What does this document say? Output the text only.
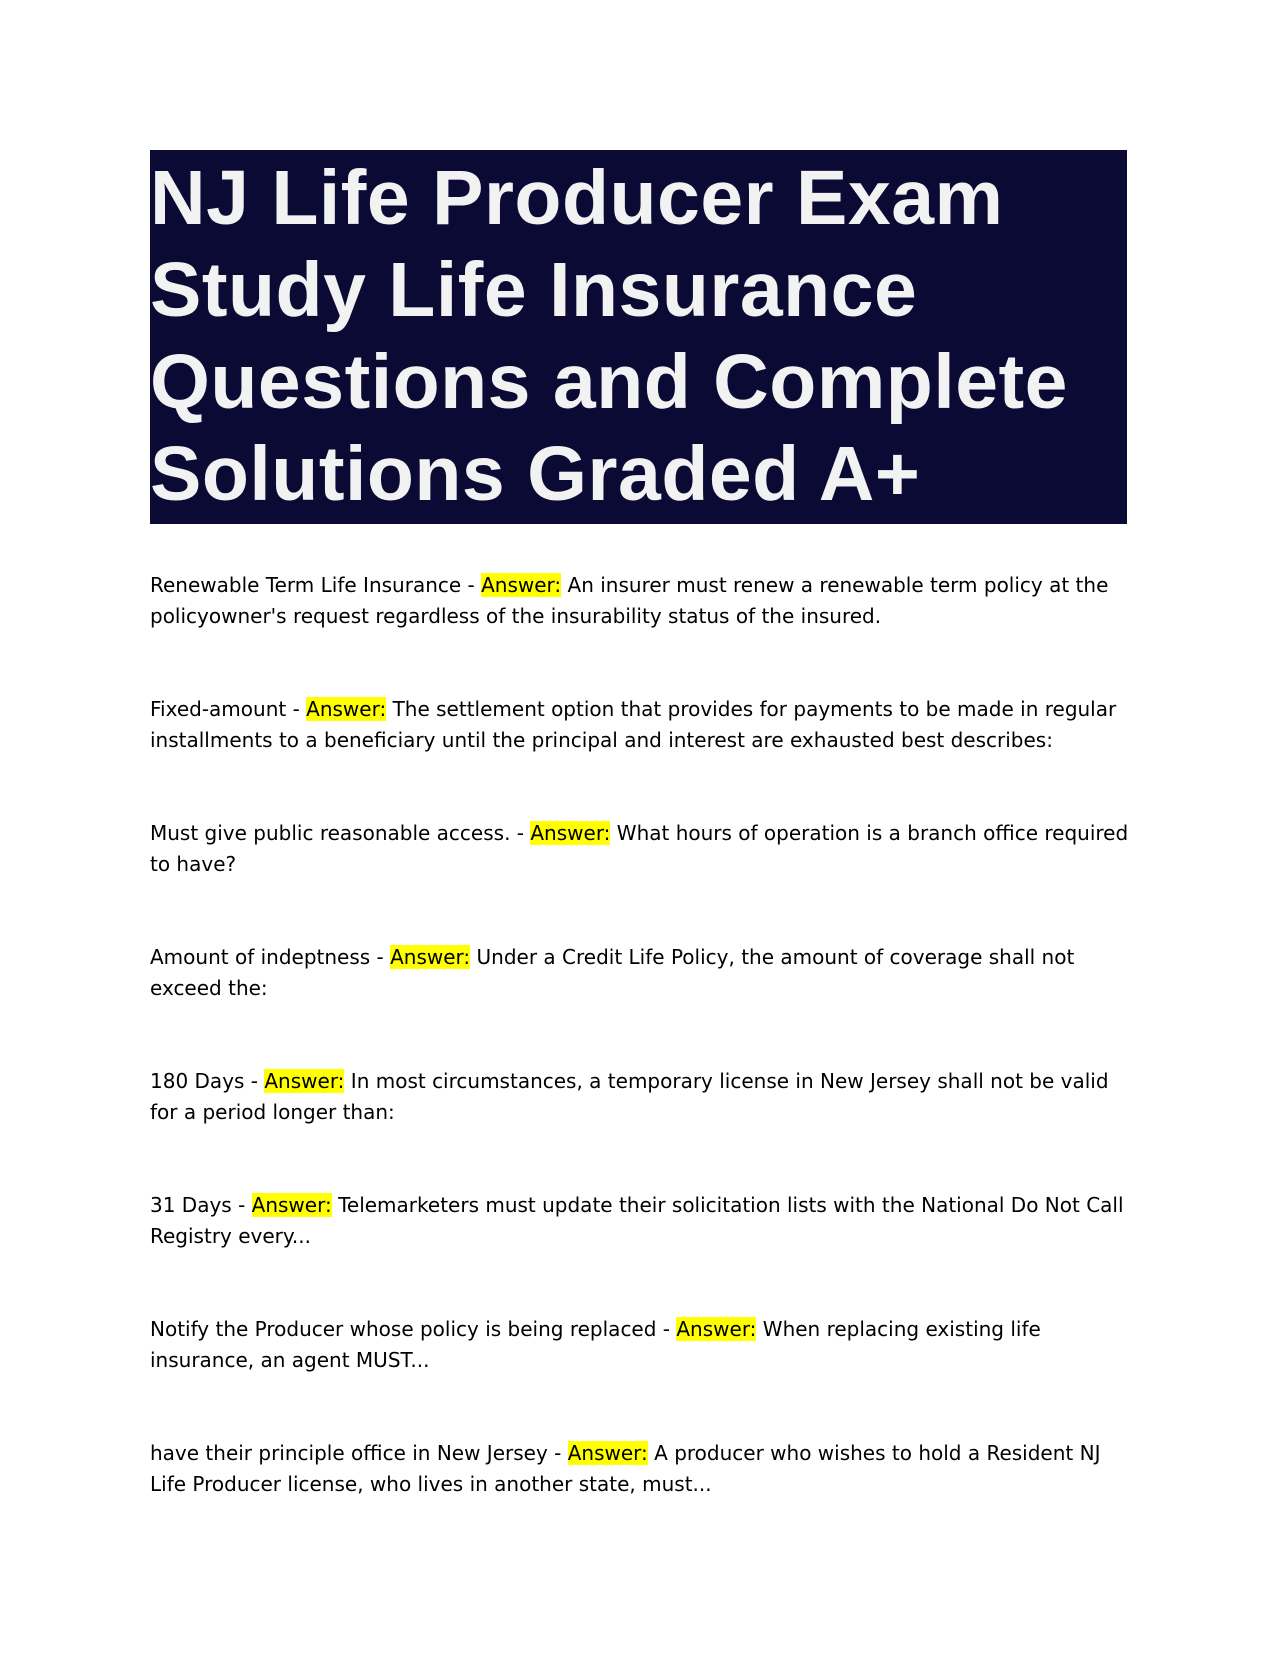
NJ Life Producer Exam Study Life Insurance Questions and Complete Solutions Graded A+

Renewable Term Life Insurance - Answer: An insurer must renew a renewable term policy at the policyowner's request regardless of the insurability status of the insured.

Fixed-amount - Answer: The settlement option that provides for payments to be made in regular installments to a beneficiary until the principal and interest are exhausted best describes:

Must give public reasonable access. - Answer: What hours of operation is a branch office required to have?

Amount of indeptness - Answer: Under a Credit Life Policy, the amount of coverage shall not exceed the:

180 Days - Answer: In most circumstances, a temporary license in New Jersey shall not be valid for a period longer than:

31 Days - Answer: Telemarketers must update their solicitation lists with the National Do Not Call Registry every...

Notify the Producer whose policy is being replaced - Answer: When replacing existing life insurance, an agent MUST...

have their principle office in New Jersey - Answer: A producer who wishes to hold a Resident NJ Life Producer license, who lives in another state, must...
